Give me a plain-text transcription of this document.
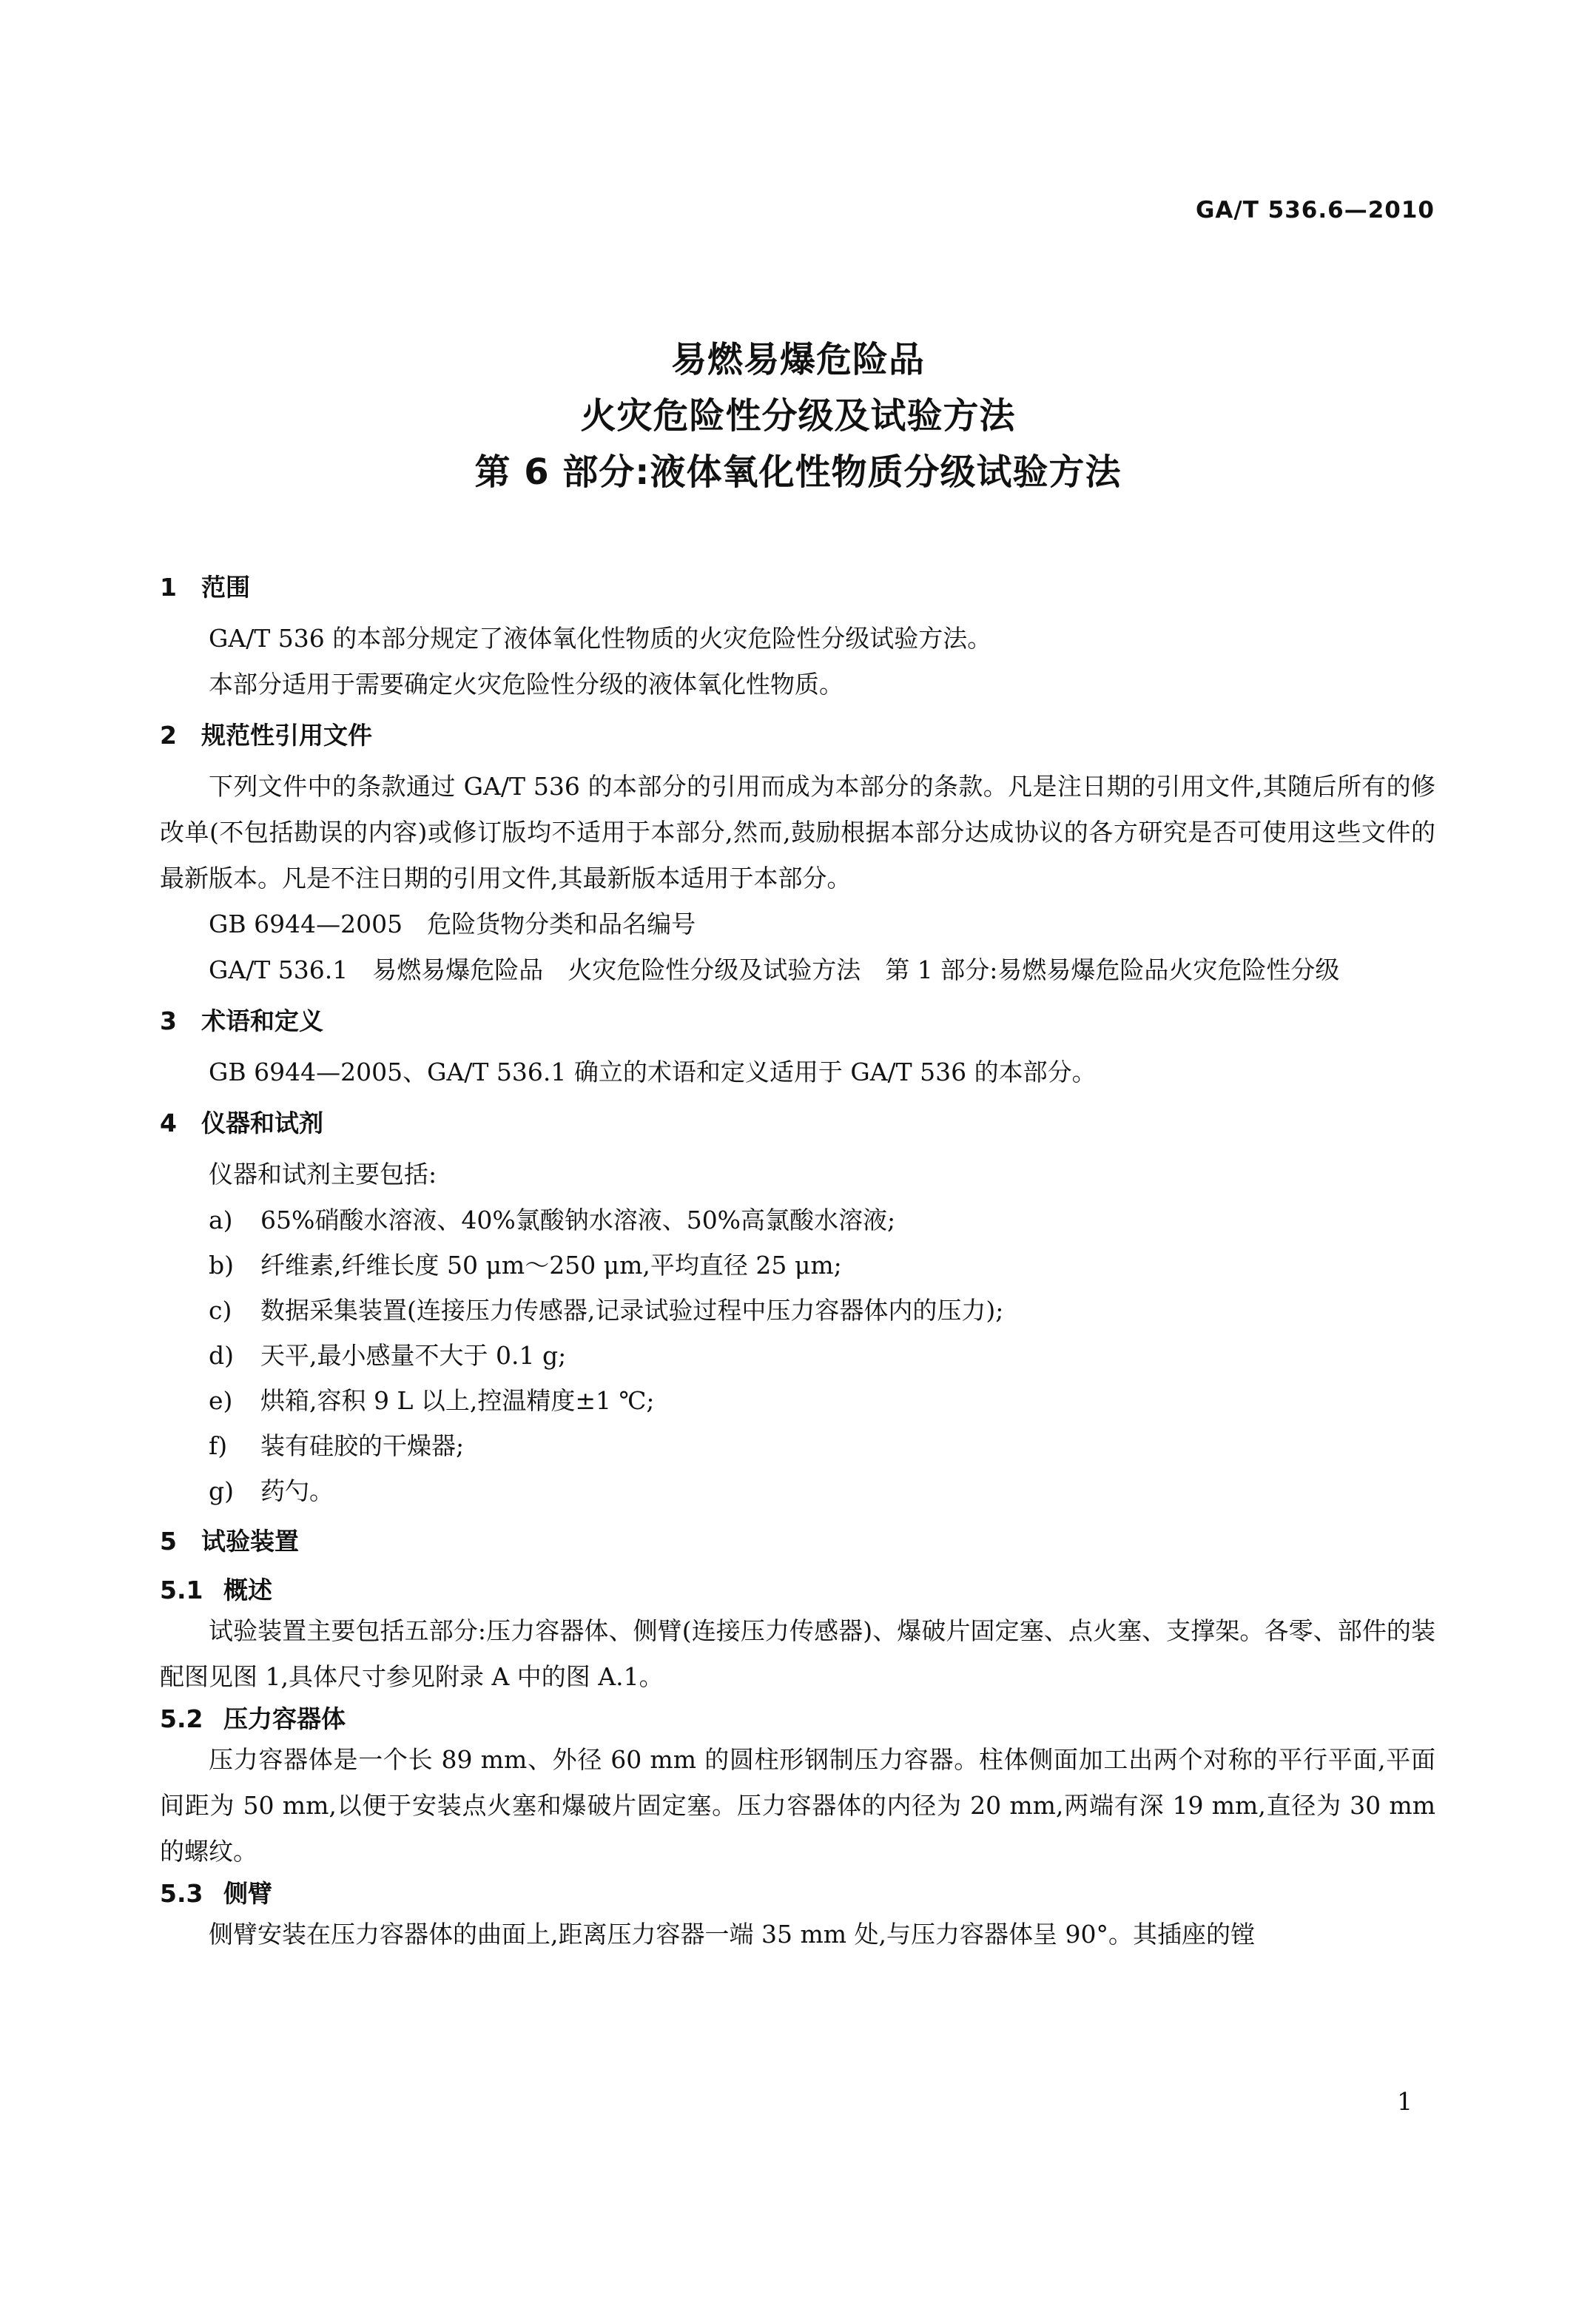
GA/T 536.6—2010
易燃易爆危险品
火灾危险性分级及试验方法
第 6 部分:液体氧化性物质分级试验方法
1 范围

GA/T 536 的本部分规定了液体氧化性物质的火灾危险性分级试验方法。

本部分适用于需要确定火灾危险性分级的液体氧化性物质。

2 规范性引用文件

下列文件中的条款通过 GA/T 536 的本部分的引用而成为本部分的条款。凡是注日期的引用文件,其随后所有的修改单(不包括勘误的内容)或修订版均不适用于本部分,然而,鼓励根据本部分达成协议的各方研究是否可使用这些文件的最新版本。凡是不注日期的引用文件,其最新版本适用于本部分。

GB 6944—2005　危险货物分类和品名编号

GA/T 536.1　易燃易爆危险品　火灾危险性分级及试验方法　第 1 部分:易燃易爆危险品火灾危险性分级

3 术语和定义

GB 6944—2005、GA/T 536.1 确立的术语和定义适用于 GA/T 536 的本部分。

4 仪器和试剂
仪器和试剂主要包括:
a) 65%硝酸水溶液、40%氯酸钠水溶液、50%高氯酸水溶液;
b) 纤维素,纤维长度 50 μm～250 μm,平均直径 25 μm;
c) 数据采集装置(连接压力传感器,记录试验过程中压力容器体内的压力);
d) 天平,最小感量不大于 0.1 g;
e) 烘箱,容积 9 L 以上,控温精度±1 ℃;
f) 装有硅胶的干燥器;
g) 药勺。
5 试验装置
5.1 概述

试验装置主要包括五部分:压力容器体、侧臂(连接压力传感器)、爆破片固定塞、点火塞、支撑架。各零、部件的装配图见图 1,具体尺寸参见附录 A 中的图 A.1。

5.2 压力容器体

压力容器体是一个长 89 mm、外径 60 mm 的圆柱形钢制压力容器。柱体侧面加工出两个对称的平行平面,平面间距为 50 mm,以便于安装点火塞和爆破片固定塞。压力容器体的内径为 20 mm,两端有深 19 mm,直径为 30 mm 的螺纹。

5.3 侧臂

侧臂安装在压力容器体的曲面上,距离压力容器一端 35 mm 处,与压力容器体呈 90°。其插座的镗

1
